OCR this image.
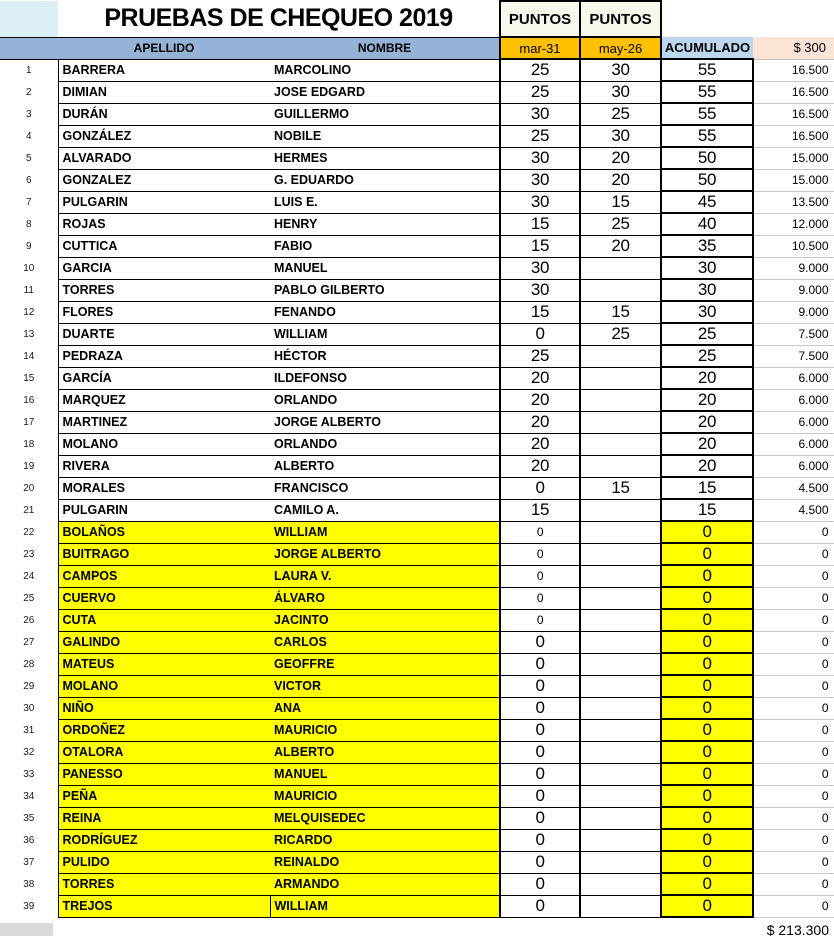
	PRUEBAS DE CHEQUEO 2019		PUNTOS	PUNTOS		
	APELLIDO	NOMBRE	mar-31	may-26	ACUMULADO	$ 300
1	BARRERA	MARCOLINO	25	30	55	16.500
2	DIMIAN	JOSE EDGARD	25	30	55	16.500
3	DURÁN	GUILLERMO	30	25	55	16.500
4	GONZÁLEZ	NOBILE	25	30	55	16.500
5	ALVARADO	HERMES	30	20	50	15.000
6	GONZALEZ	G. EDUARDO	30	20	50	15.000
7	PULGARIN	LUIS E.	30	15	45	13.500
8	ROJAS	HENRY	15	25	40	12.000
9	CUTTICA	FABIO	15	20	35	10.500
10	GARCIA	MANUEL	30		30	9.000
11	TORRES	PABLO GILBERTO	30		30	9.000
12	FLORES	FENANDO	15	15	30	9.000
13	DUARTE	WILLIAM	0	25	25	7.500
14	PEDRAZA	HÉCTOR	25		25	7.500
15	GARCÍA	ILDEFONSO	20		20	6.000
16	MARQUEZ	ORLANDO	20		20	6.000
17	MARTINEZ	JORGE ALBERTO	20		20	6.000
18	MOLANO	ORLANDO	20		20	6.000
19	RIVERA	ALBERTO	20		20	6.000
20	MORALES	FRANCISCO	0	15	15	4.500
21	PULGARIN	CAMILO A.	15		15	4.500
22	BOLAÑOS	WILLIAM	0		0	0
23	BUITRAGO	JORGE ALBERTO	0		0	0
24	CAMPOS	LAURA V.	0		0	0
25	CUERVO	ÁLVARO	0		0	0
26	CUTA	JACINTO	0		0	0
27	GALINDO	CARLOS	0		0	0
28	MATEUS	GEOFFRE	0		0	0
29	MOLANO	VICTOR	0		0	0
30	NIÑO	ANA	0		0	0
31	ORDOÑEZ	MAURICIO	0		0	0
32	OTALORA	ALBERTO	0		0	0
33	PANESSO	MANUEL	0		0	0
34	PEÑA	MAURICIO	0		0	0
35	REINA	MELQUISEDEC	0		0	0
36	RODRÍGUEZ	RICARDO	0		0	0
37	PULIDO	REINALDO	0		0	0
38	TORRES	ARMANDO	0		0	0
39	TREJOS	WILLIAM	0		0	0
						$ 213.300
